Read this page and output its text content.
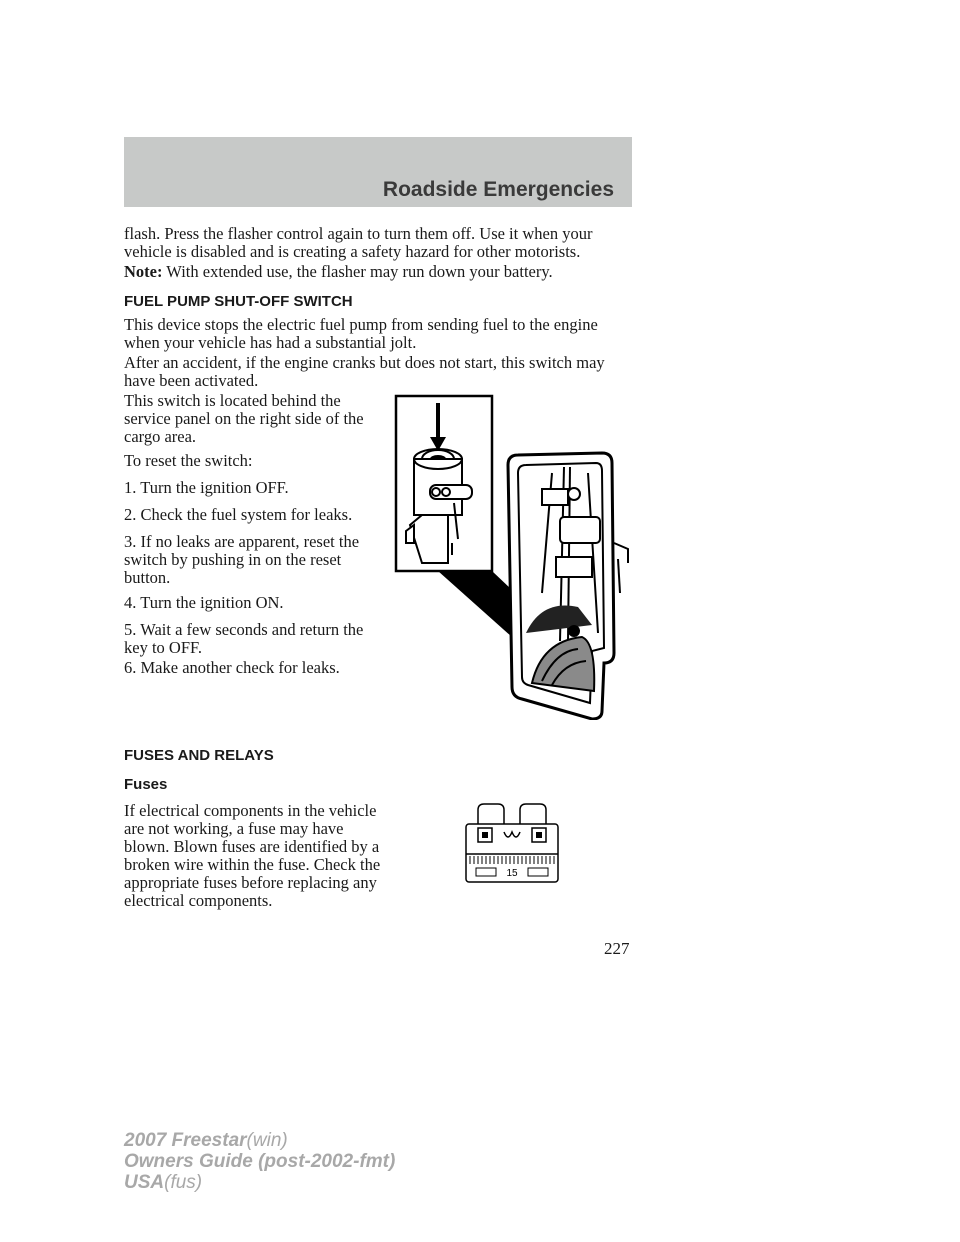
Roadside Emergencies

flash. Press the flasher control again to turn them off. Use it when your vehicle is disabled and is creating a safety hazard for other motorists.

Note: With extended use, the flasher may run down your battery.

FUEL PUMP SHUT-OFF SWITCH

This device stops the electric fuel pump from sending fuel to the engine when your vehicle has had a substantial jolt.

After an accident, if the engine cranks but does not start, this switch may have been activated.

This switch is located behind the service panel on the right side of the cargo area.

To reset the switch:

1. Turn the ignition OFF.

2. Check the fuel system for leaks.

3. If no leaks are apparent, reset the switch by pushing in on the reset button.

4. Turn the ignition ON.

5. Wait a few seconds and return the key to OFF.

6. Make another check for leaks.

FUSES AND RELAYS
Fuses

If electrical components in the vehicle are not working, a fuse may have blown. Blown fuses are identified by a broken wire within the fuse. Check the appropriate fuses before replacing any electrical components.

15
227

2007 Freestar(win)

Owners Guide (post-2002-fmt)

USA(fus)
